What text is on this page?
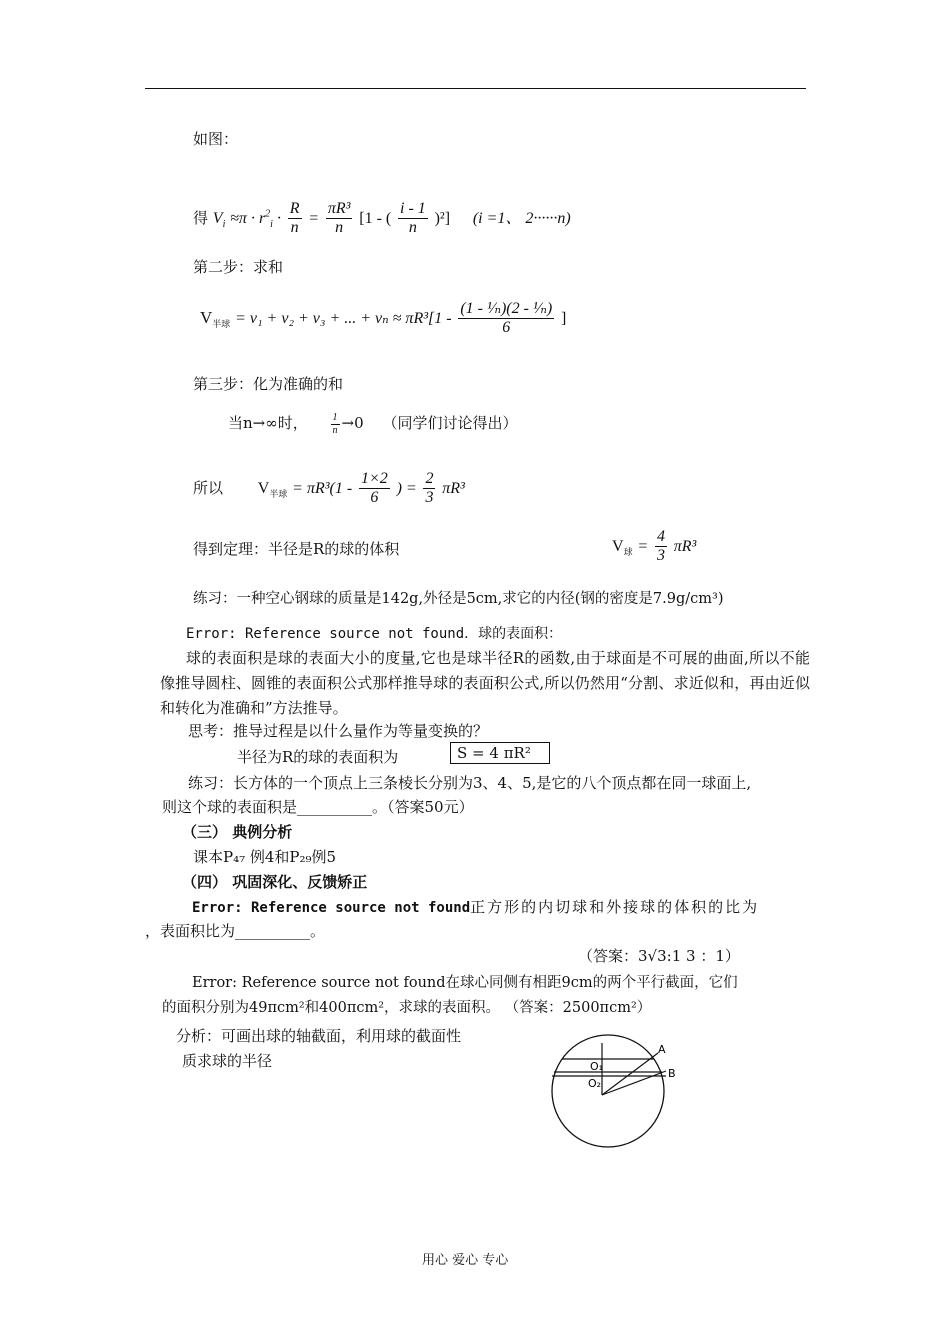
如图：
得 $V_i \approx\pi \cdot r^2_i \cdot \frac{R}{n} = \frac{\text{πR³}}{n} [1$ - ( $\frac{i - 1}{n} )^2$] (i =1、 2······n)
第二步：求和
$V_{半球} = v_1 + v_2 + v_3$ + ... + $v_n \approx \pi R^3[1 - \frac{\text{(1 - ¹⁄ₙ)(2 - ¹⁄ₙ)}}{6}$ ]
第三步：化为准确的和
当n→∞时， $\frac{1}{n} \to 0$ （同学们讨论得出）
所以 $V_{半球} = \pi R^3(1 - \frac{1\times 2}{6}$ ) = $\frac{2}{3} \pi R^3$
得到定理：半径是R的球的体积	$V_球 = \frac{4}{3} \pi R^3$
练习：一种空心钢球的质量是142g,外径是5cm,求它的内径(钢的密度是7.9g/cm³)
Error: Reference source not found．球的表面积：
球的表面积是球的表面大小的度量,它也是球半径R的函数,由于球面是不可展的曲面,所以不能像推导圆柱、圆锥的表面积公式那样推导球的表面积公式,所以仍然用“分割、求近似和，再由近似和转化为准确和”方法推导。
思考：推导过程是以什么量作为等量变换的？
半径为R的球的表面积为	S = 4 πR²
练习：长方体的一个顶点上三条棱长分别为3、4、5,是它的八个顶点都在同一球面上,
则这个球的表面积是__________。（答案50元）
（三） 典例分析
课本P₄₇ 例4和P₂₉例5
（四） 巩固深化、反馈矫正
Error: Reference source not found正方形的内切球和外接球的体积的比为
，表面积比为__________。
（答案：3√3:1 3 ：1）
Error: Reference source not found在球心同侧有相距9cm的两个平行截面，它们
的面积分别为49πcm²和400πcm²，求球的表面积。 （答案：2500πcm²）
分析：可画出球的轴截面，利用球的截面性
质求球的半径	O₁
O₂
A
B
用心 爱心 专心
